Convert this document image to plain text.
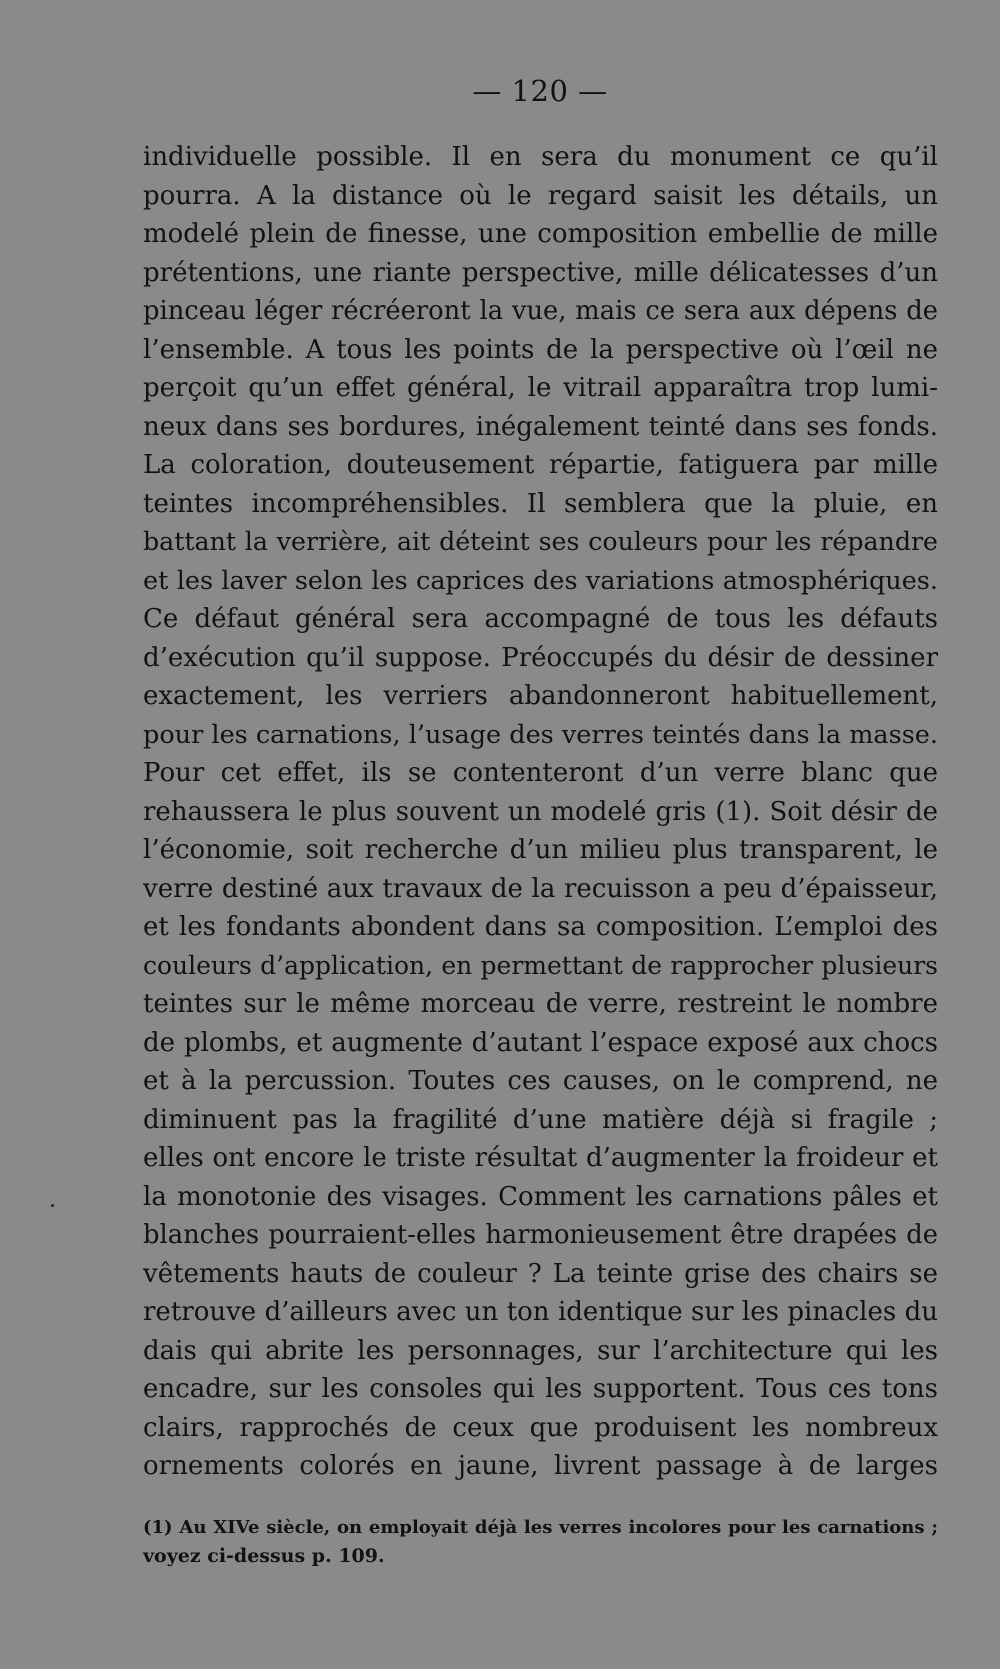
— 120 —
individuelle possible. Il en sera du monument ce qu’il
pourra. A la distance où le regard saisit les détails, un
modelé plein de finesse, une composition embellie de mille
prétentions, une riante perspective, mille délicatesses d’un
pinceau léger récréeront la vue, mais ce sera aux dépens de
l’ensemble. A tous les points de la perspective où l’œil ne
perçoit qu’un effet général, le vitrail apparaîtra trop lumi-
neux dans ses bordures, inégalement teinté dans ses fonds.
La coloration, douteusement répartie, fatiguera par mille
teintes incompréhensibles. Il semblera que la pluie, en
battant la verrière, ait déteint ses couleurs pour les répandre
et les laver selon les caprices des variations atmosphériques.
Ce défaut général sera accompagné de tous les défauts
d’exécution qu’il suppose. Préoccupés du désir de dessiner
exactement, les verriers abandonneront habituellement,
pour les carnations, l’usage des verres teintés dans la masse.
Pour cet effet, ils se contenteront d’un verre blanc que
rehaussera le plus souvent un modelé gris (1). Soit désir de
l’économie, soit recherche d’un milieu plus transparent, le
verre destiné aux travaux de la recuisson a peu d’épaisseur,
et les fondants abondent dans sa composition. L’emploi des
couleurs d’application, en permettant de rapprocher plusieurs
teintes sur le même morceau de verre, restreint le nombre
de plombs, et augmente d’autant l’espace exposé aux chocs
et à la percussion. Toutes ces causes, on le comprend, ne
diminuent pas la fragilité d’une matière déjà si fragile ;
elles ont encore le triste résultat d’augmenter la froideur et
la monotonie des visages. Comment les carnations pâles et
blanches pourraient-elles harmonieusement être drapées de
vêtements hauts de couleur ? La teinte grise des chairs se
retrouve d’ailleurs avec un ton identique sur les pinacles du
dais qui abrite les personnages, sur l’architecture qui les
encadre, sur les consoles qui les supportent. Tous ces tons
clairs, rapprochés de ceux que produisent les nombreux
ornements colorés en jaune, livrent passage à de larges
(1) Au XIVe siècle, on employait déjà les verres incolores pour les carnations ;
voyez ci-dessus p. 109.
